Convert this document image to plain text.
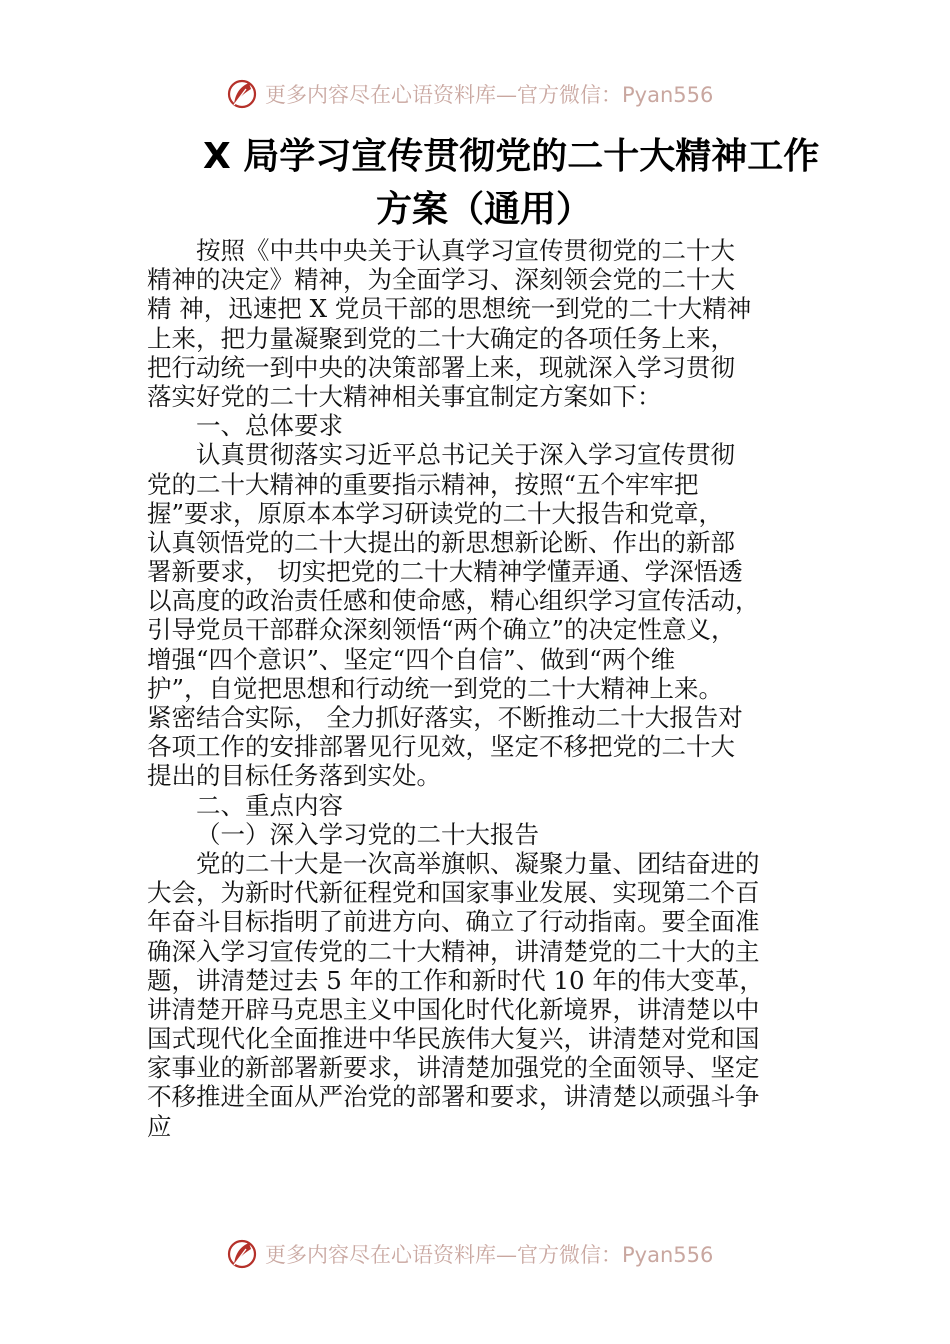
更多内容尽在心语资料库—官方微信：Pyan556
X 局学习宣传贯彻党的二十大精神工作
方案（通用）
按照《中共中央关于认真学习宣传贯彻党的二十大
精神的决定》精神，为全面学习、深刻领会党的二十大
精 神，迅速把 X 党员干部的思想统一到党的二十大精神
上来，把力量凝聚到党的二十大确定的各项任务上来，
把行动统一到中央的决策部署上来，现就深入学习贯彻
落实好党的二十大精神相关事宜制定方案如下：
一、总体要求
认真贯彻落实习近平总书记关于深入学习宣传贯彻
党的二十大精神的重要指示精神，按照“五个牢牢把
握”要求，原原本本学习研读党的二十大报告和党章，
认真领悟党的二十大提出的新思想新论断、作出的新部
署新要求， 切实把党的二十大精神学懂弄通、学深悟透
以高度的政治责任感和使命感，精心组织学习宣传活动，
引导党员干部群众深刻领悟“两个确立”的决定性意义，
增强“四个意识”、坚定“四个自信”、做到“两个维
护”，自觉把思想和行动统一到党的二十大精神上来。
紧密结合实际， 全力抓好落实，不断推动二十大报告对
各项工作的安排部署见行见效，坚定不移把党的二十大
提出的目标任务落到实处。
二、重点内容
（一）深入学习党的二十大报告
党的二十大是一次高举旗帜、凝聚力量、团结奋进的
大会，为新时代新征程党和国家事业发展、实现第二个百
年奋斗目标指明了前进方向、确立了行动指南。要全面准
确深入学习宣传党的二十大精神，讲清楚党的二十大的主
题，讲清楚过去 5 年的工作和新时代 10 年的伟大变革，
讲清楚开辟马克思主义中国化时代化新境界，讲清楚以中
国式现代化全面推进中华民族伟大复兴，讲清楚对党和国
家事业的新部署新要求，讲清楚加强党的全面领导、坚定
不移推进全面从严治党的部署和要求，讲清楚以顽强斗争
应
更多内容尽在心语资料库—官方微信：Pyan556
